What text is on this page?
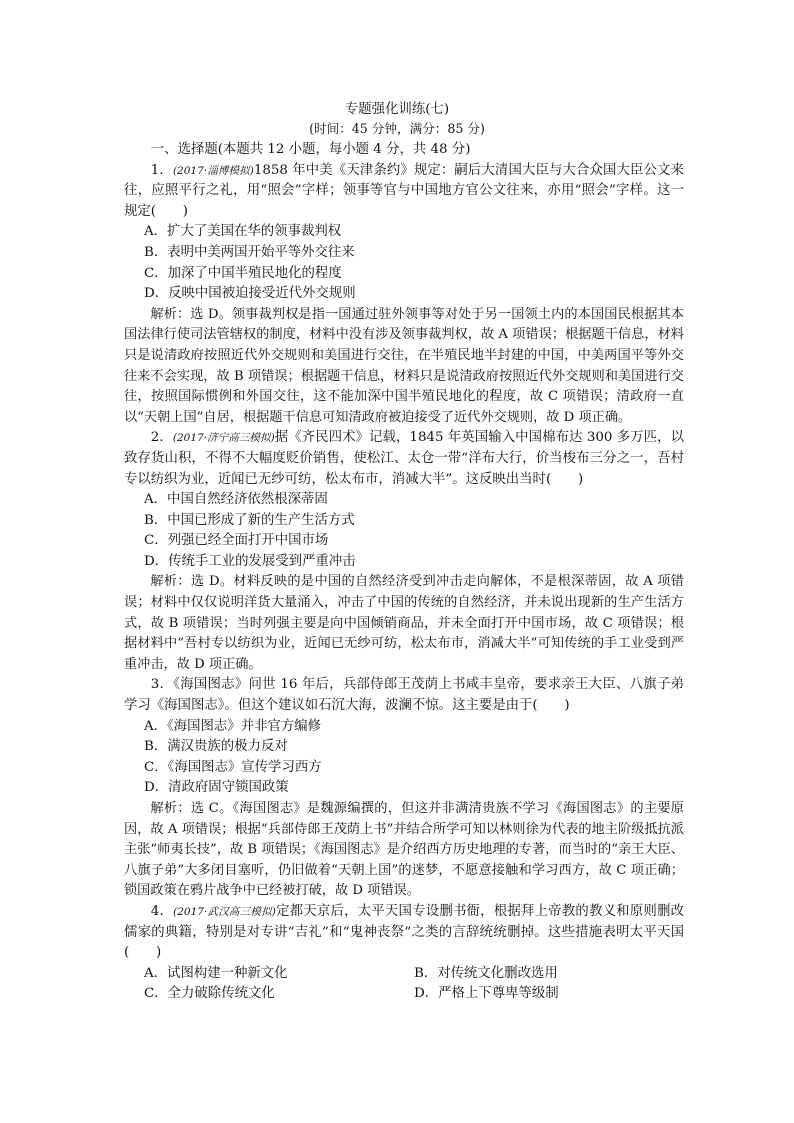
专题强化训练(七)
(时间：45 分钟，满分：85 分)

一、选择题(本题共 12 小题，每小题 4 分，共 48 分)

1．(2017·淄博模拟)1858 年中美《天津条约》规定：嗣后大清国大臣与大合众国大臣公文来往，应照平行之礼，用“照会”字样；领事等官与中国地方官公文往来，亦用“照会”字样。这一规定(　　)

A．扩大了美国在华的领事裁判权

B．表明中美两国开始平等外交往来

C．加深了中国半殖民地化的程度

D．反映中国被迫接受近代外交规则

解析：选 D。领事裁判权是指一国通过驻外领事等对处于另一国领土内的本国国民根据其本国法律行使司法管辖权的制度，材料中没有涉及领事裁判权，故 A 项错误；根据题干信息，材料只是说清政府按照近代外交规则和美国进行交往，在半殖民地半封建的中国，中美两国平等外交往来不会实现，故 B 项错误；根据题干信息，材料只是说清政府按照近代外交规则和美国进行交往，按照国际惯例和外国交往，这不能加深中国半殖民地化的程度，故 C 项错误；清政府一直以“天朝上国”自居，根据题干信息可知清政府被迫接受了近代外交规则，故 D 项正确。

2．(2017·济宁高三模拟)据《齐民四术》记载，1845 年英国输入中国棉布达 300 多万匹，以致存货山积，不得不大幅度贬价销售，使松江、太仓一带“洋布大行，价当梭布三分之一，吾村专以纺织为业，近闻已无纱可纺，松太布市，消减大半”。这反映出当时(　　)

A．中国自然经济依然根深蒂固

B．中国已形成了新的生产生活方式

C．列强已经全面打开中国市场

D．传统手工业的发展受到严重冲击

解析：选 D。材料反映的是中国的自然经济受到冲击走向解体，不是根深蒂固，故 A 项错误；材料中仅仅说明洋货大量涌入，冲击了中国的传统的自然经济，并未说出现新的生产生活方式，故 B 项错误；当时列强主要是向中国倾销商品，并未全面打开中国市场，故 C 项错误；根据材料中“吾村专以纺织为业，近闻已无纱可纺，松太布市，消减大半”可知传统的手工业受到严重冲击，故 D 项正确。

3．《海国图志》问世 16 年后，兵部侍郎王茂荫上书咸丰皇帝，要求亲王大臣、八旗子弟学习《海国图志》。但这个建议如石沉大海，波澜不惊。这主要是由于(　　)

A．《海国图志》并非官方编修

B．满汉贵族的极力反对

C．《海国图志》宣传学习西方

D．清政府固守锁国政策

解析：选 C。《海国图志》是魏源编撰的，但这并非满清贵族不学习《海国图志》的主要原因，故 A 项错误；根据“兵部侍郎王茂荫上书”并结合所学可知以林则徐为代表的地主阶级抵抗派主张“师夷长技”，故 B 项错误；《海国图志》是介绍西方历史地理的专著，而当时的“亲王大臣、八旗子弟”大多闭目塞听，仍旧做着“天朝上国”的迷梦，不愿意接触和学习西方，故 C 项正确；锁国政策在鸦片战争中已经被打破，故 D 项错误。

4．(2017·武汉高三模拟)定都天京后，太平天国专设删书衙，根据拜上帝教的教义和原则删改儒家的典籍，特别是对专讲“吉礼”和“鬼神丧祭”之类的言辞统统删掉。这些措施表明太平天国(　　)

A．试图构建一种新文化	B．对传统文化删改选用
C．全力破除传统文化	D．严格上下尊卑等级制
